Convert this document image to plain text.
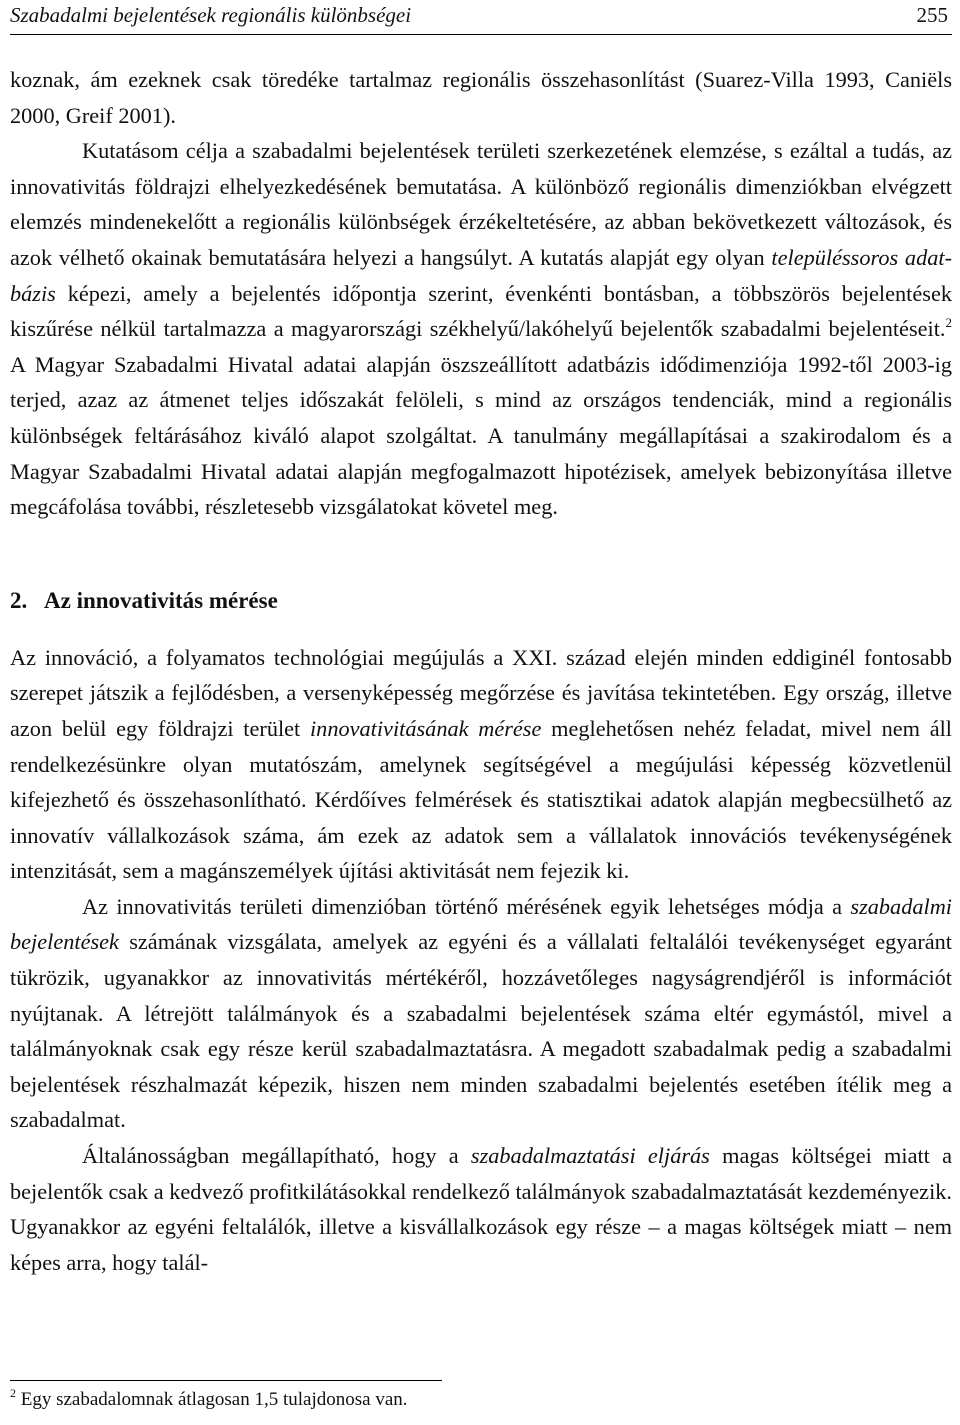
Szabadalmi bejelentések regionális különbségei	255

koznak, ám ezeknek csak töredéke tartalmaz regionális összehasonlítást (Suarez-Villa 1993, Caniëls 2000, Greif 2001).

Kutatásom célja a szabadalmi bejelentések területi szerkezetének elemzése, s ezáltal a tudás, az innovativitás földrajzi elhelyezkedésének bemutatása. A különböző regionális dimenziókban elvégzett elemzés mindenekelőtt a regionális különbségek érzékeltetésére, az abban bekövetkezett változások, és azok vélhető okainak bemutatására helyezi a hangsúlyt. A kutatás alapját egy olyan településsoros adatbázis képezi, amely a bejelentés időpontja szerint, évenkénti bontásban, a többszörös bejelentések kiszűrése nélkül tartalmazza a magyarországi székhelyű/lakóhelyű bejelentők szabadalmi bejelentéseit.$^2$ A Magyar Szabadalmi Hivatal adatai alapján öszszeállított adatbázis idődimenziója 1992-től 2003-ig terjed, azaz az átmenet teljes időszakát felöleli, s mind az országos tendenciák, mind a regionális különbségek feltárásához kiváló alapot szolgáltat. A tanulmány megállapításai a szakirodalom és a Magyar Szabadalmi Hivatal adatai alapján megfogalmazott hipotézisek, amelyek bebizonyítása illetve megcáfolása további, részletesebb vizsgálatokat követel meg.

2. Az innovativitás mérése

Az innováció, a folyamatos technológiai megújulás a XXI. század elején minden eddiginél fontosabb szerepet játszik a fejlődésben, a versenyképesség megőrzése és javítása tekintetében. Egy ország, illetve azon belül egy földrajzi terület innovativitásának mérése meglehetősen nehéz feladat, mivel nem áll rendelkezésünkre olyan mutatószám, amelynek segítségével a megújulási képesség közvetlenül kifejezhető és összehasonlítható. Kérdőíves felmérések és statisztikai adatok alapján megbecsülhető az innovatív vállalkozások száma, ám ezek az adatok sem a vállalatok innovációs tevékenységének intenzitását, sem a magánszemélyek újítási aktivitását nem fejezik ki.

Az innovativitás területi dimenzióban történő mérésének egyik lehetséges módja a szabadalmi bejelentések számának vizsgálata, amelyek az egyéni és a vállalati feltalálói tevékenységet egyaránt tükrözik, ugyanakkor az innovativitás mértékéről, hozzávetőleges nagyságrendjéről is információt nyújtanak. A létrejött találmányok és a szabadalmi bejelentések száma eltér egymástól, mivel a találmányoknak csak egy része kerül szabadalmaztatásra. A megadott szabadalmak pedig a szabadalmi bejelentések részhalmazát képezik, hiszen nem minden szabadalmi bejelentés esetében ítélik meg a szabadalmat.

Általánosságban megállapítható, hogy a szabadalmaztatási eljárás magas költségei miatt a bejelentők csak a kedvező profitkilátásokkal rendelkező találmányok szabadalmaztatását kezdeményezik. Ugyanakkor az egyéni feltalálók, illetve a kisvállalkozások egy része – a magas költségek miatt – nem képes arra, hogy talál-

$^2$ Egy szabadalomnak átlagosan 1,5 tulajdonosa van.
